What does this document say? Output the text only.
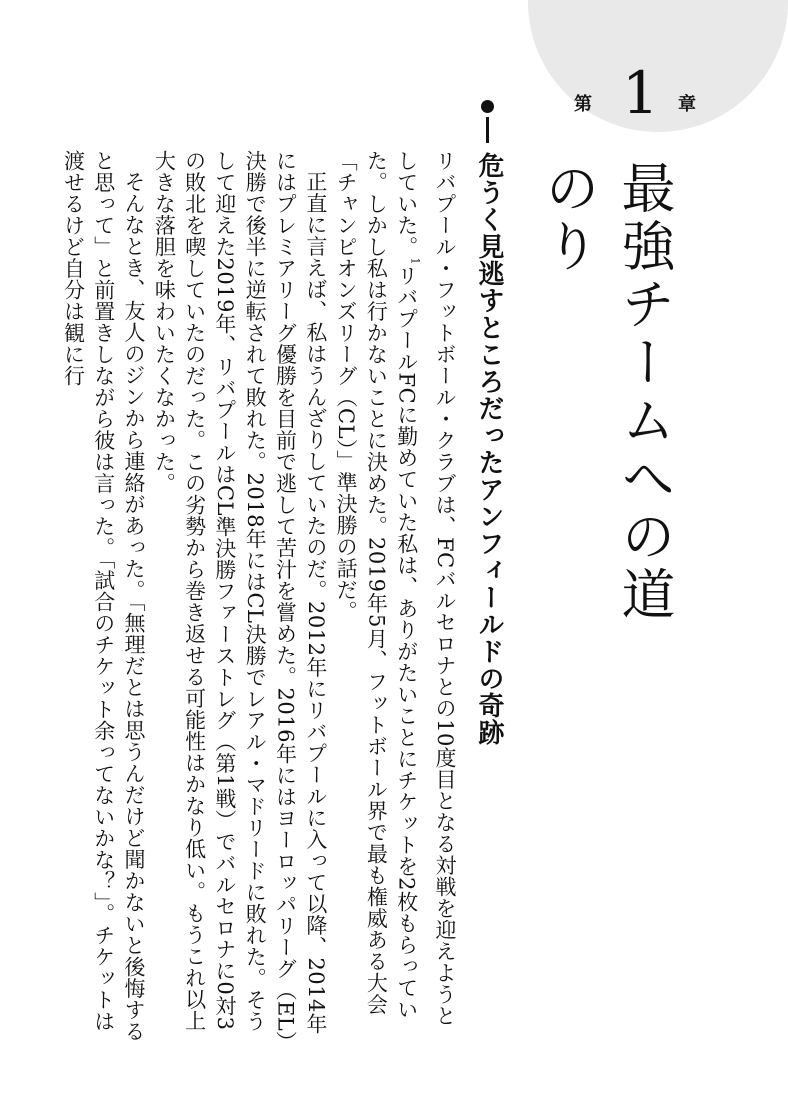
第 1 章
最強チームへの道のり
危うく見逃すところだったアンフィールドの奇跡

リバプール・フットボール・クラブは、FCバルセロナとの10度目となる対戦を迎えようとしていた。$^1$リバプールFCに勤めていた私は、ありがたいことにチケットを2枚もらっていた。しかし私は行かないことに決めた。2019年5月、フットボール界で最も権威ある大会「チャンピオンズリーグ（CL）」準決勝の話だ。

正直に言えば、私はうんざりしていたのだ。2012年にリバプールに入って以降、2014年にはプレミアリーグ優勝を目前で逃して苦汁を嘗めた。2016年にはヨーロッパリーグ（EL）決勝で後半に逆転されて敗れた。2018年にはCL決勝でレアル・マドリードに敗れた。そうして迎えた2019年、リバプールはCL準決勝ファーストレグ（第1戦）でバルセロナに0対3の敗北を喫していたのだった。この劣勢から巻き返せる可能性はかなり低い。もうこれ以上大きな落胆を味わいたくなかった。

そんなとき、友人のジンから連絡があった。「無理だとは思うんだけど聞かないと後悔すると思って」と前置きしながら彼は言った。「試合のチケット余ってないかな？」。チケットは渡せるけど自分は観に行
